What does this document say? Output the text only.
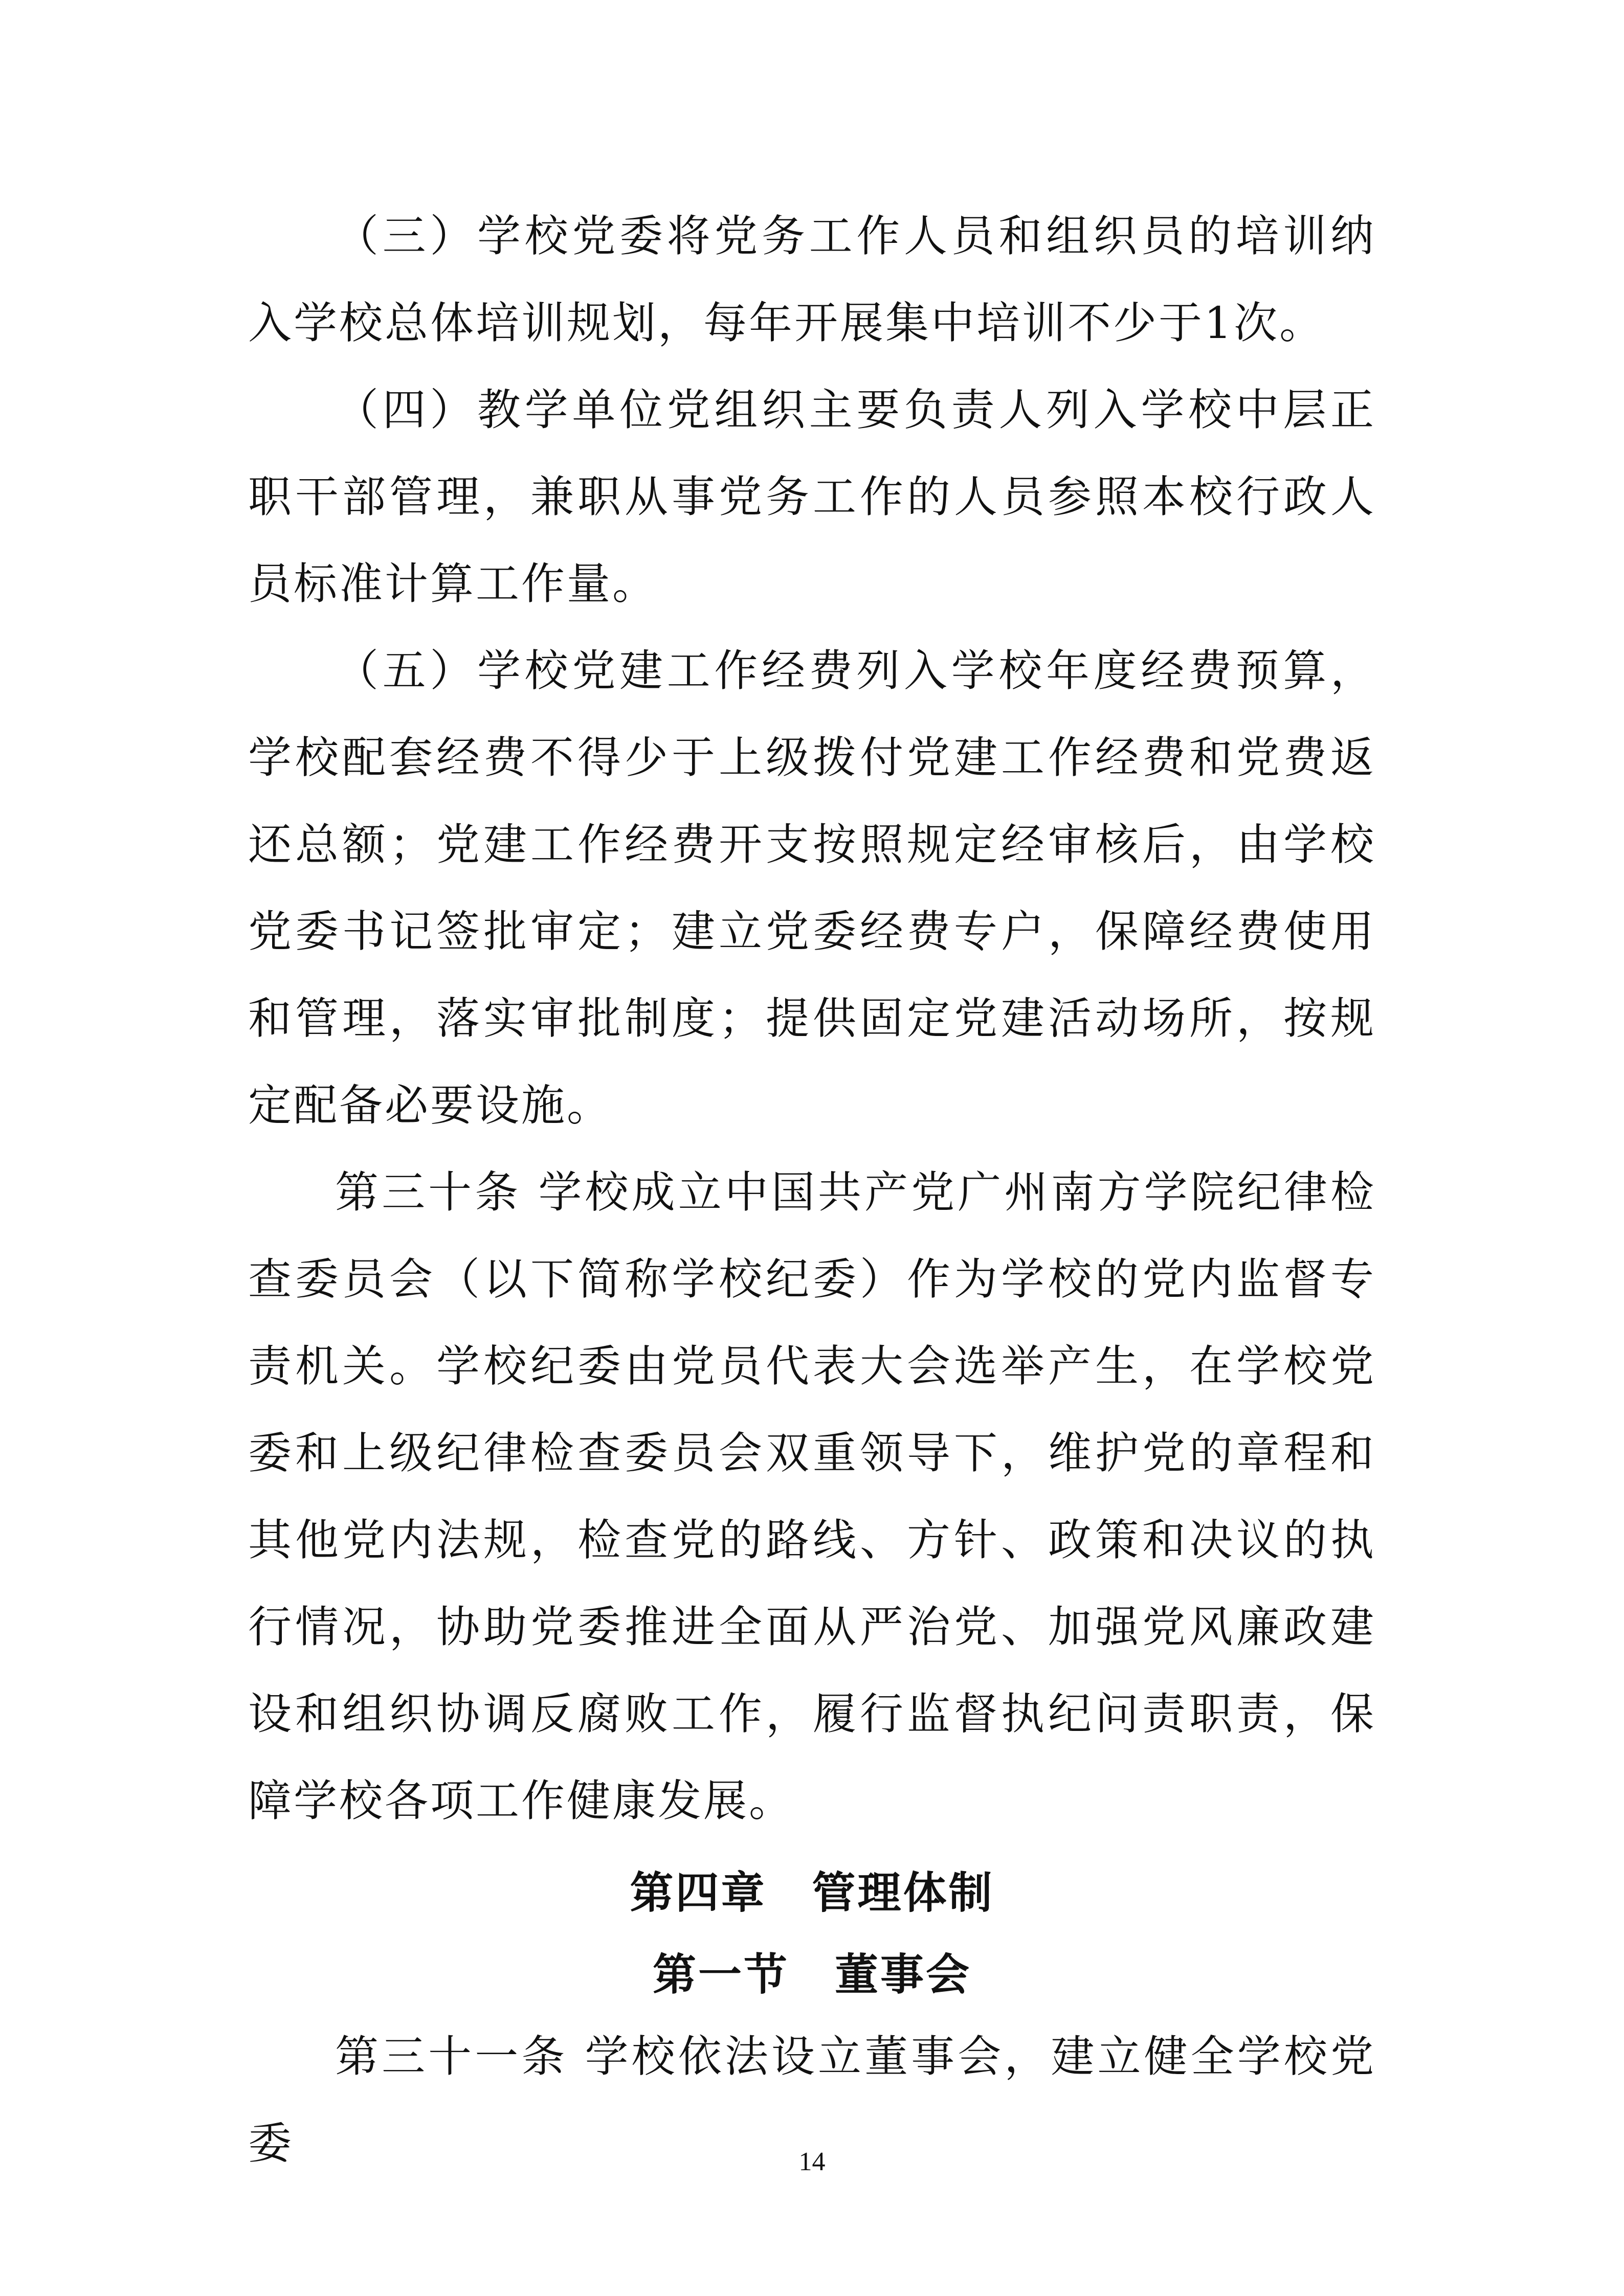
（三）学校党委将党务工作人员和组织员的培训纳入学校总体培训规划，每年开展集中培训不少于1次。

（四）教学单位党组织主要负责人列入学校中层正职干部管理，兼职从事党务工作的人员参照本校行政人员标准计算工作量。

（五）学校党建工作经费列入学校年度经费预算，学校配套经费不得少于上级拨付党建工作经费和党费返还总额；党建工作经费开支按照规定经审核后，由学校党委书记签批审定；建立党委经费专户，保障经费使用和管理，落实审批制度；提供固定党建活动场所，按规定配备必要设施。

第三十条 学校成立中国共产党广州南方学院纪律检查委员会（以下简称学校纪委）作为学校的党内监督专责机关。学校纪委由党员代表大会选举产生，在学校党委和上级纪律检查委员会双重领导下，维护党的章程和其他党内法规，检查党的路线、方针、政策和决议的执行情况，协助党委推进全面从严治党、加强党风廉政建设和组织协调反腐败工作，履行监督执纪问责职责，保障学校各项工作健康发展。

第四章　管理体制
第一节　董事会

第三十一条 学校依法设立董事会，建立健全学校党委	14
